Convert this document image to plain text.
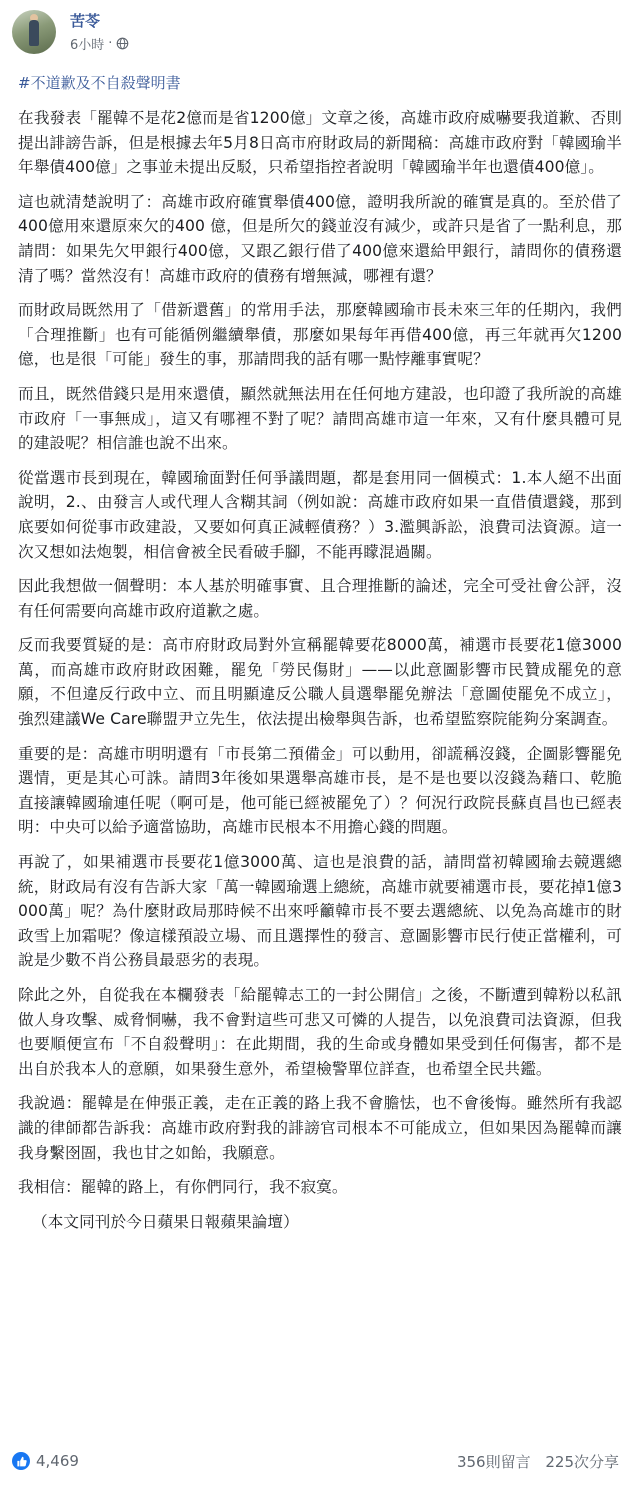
苦苓
6小時 ·
#不道歉及不自殺聲明書

在我發表「罷韓不是花2億而是省1200億」文章之後，高雄市政府威嚇要我道歉、否則提出誹謗告訴，但是根據去年5月8日高市府財政局的新聞稿：高雄市政府對「韓國瑜半年舉債400億」之事並未提出反駁，只希望指控者說明「韓國瑜半年也還債400億」。

這也就清楚說明了：高雄市政府確實舉債400億，證明我所說的確實是真的。至於借了400億用來還原來欠的400 億，但是所欠的錢並沒有減少，或許只是省了一點利息，那請問：如果先欠甲銀行400億，又跟乙銀行借了400億來還給甲銀行，請問你的債務還清了嗎？當然沒有！高雄市政府的債務有增無減，哪裡有還？

而財政局既然用了「借新還舊」的常用手法，那麼韓國瑜市長未來三年的任期內，我們「合理推斷」也有可能循例繼續舉債，那麼如果每年再借400億，再三年就再欠1200億，也是很「可能」發生的事，那請問我的話有哪一點悖離事實呢？

而且，既然借錢只是用來還債，顯然就無法用在任何地方建設，也印證了我所說的高雄市政府「一事無成」，這又有哪裡不對了呢？請問高雄市這一年來，又有什麼具體可見的建設呢？相信誰也說不出來。

從當選市長到現在，韓國瑜面對任何爭議問題，都是套用同一個模式：1.本人絕不出面說明，2.、由發言人或代理人含糊其詞（例如說：高雄市政府如果一直借債還錢，那到底要如何從事市政建設，又要如何真正減輕債務？）3.濫興訴訟，浪費司法資源。這一次又想如法炮製，相信會被全民看破手腳，不能再矇混過關。

因此我想做一個聲明：本人基於明確事實、且合理推斷的論述，完全可受社會公評，沒有任何需要向高雄市政府道歉之處。

反而我要質疑的是：高市府財政局對外宣稱罷韓要花8000萬，補選市長要花1億3000萬，而高雄市政府財政困難，罷免「勞民傷財」——以此意圖影響市民贊成罷免的意願，不但違反行政中立、而且明顯違反公職人員選舉罷免辦法「意圖使罷免不成立」，強烈建議We Care聯盟尹立先生，依法提出檢舉與告訴，也希望監察院能夠分案調查。

重要的是：高雄市明明還有「市長第二預備金」可以動用，卻謊稱沒錢，企圖影響罷免選情，更是其心可誅。請問3年後如果選舉高雄市長，是不是也要以沒錢為藉口、乾脆直接讓韓國瑜連任呢（啊可是，他可能已經被罷免了）？何況行政院長蘇貞昌也已經表明：中央可以給予適當協助，高雄市民根本不用擔心錢的問題。

再說了，如果補選市長要花1億3000萬、這也是浪費的話，請問當初韓國瑜去競選總統，財政局有沒有告訴大家「萬一韓國瑜選上總統，高雄市就要補選市長，要花掉1億3000萬」呢？為什麼財政局那時候不出來呼籲韓市長不要去選總統、以免為高雄市的財政雪上加霜呢？像這樣預設立場、而且選擇性的發言、意圖影響市民行使正當權利，可說是少數不肖公務員最惡劣的表現。

除此之外，自從我在本欄發表「給罷韓志工的一封公開信」之後，不斷遭到韓粉以私訊做人身攻擊、威脅恫嚇，我不會對這些可悲又可憐的人提告，以免浪費司法資源，但我也要順便宣布「不自殺聲明」：在此期間，我的生命或身體如果受到任何傷害，都不是出自於我本人的意願，如果發生意外，希望檢警單位詳查，也希望全民共鑑。

我說過：罷韓是在伸張正義，走在正義的路上我不會膽怯，也不會後悔。雖然所有我認識的律師都告訴我：高雄市政府對我的誹謗官司根本不可能成立，但如果因為罷韓而讓我身繫囹圄，我也甘之如飴，我願意。

我相信：罷韓的路上，有你們同行，我不寂寞。

（本文同刊於今日蘋果日報蘋果論壇）

4,469	356則留言 225次分享
